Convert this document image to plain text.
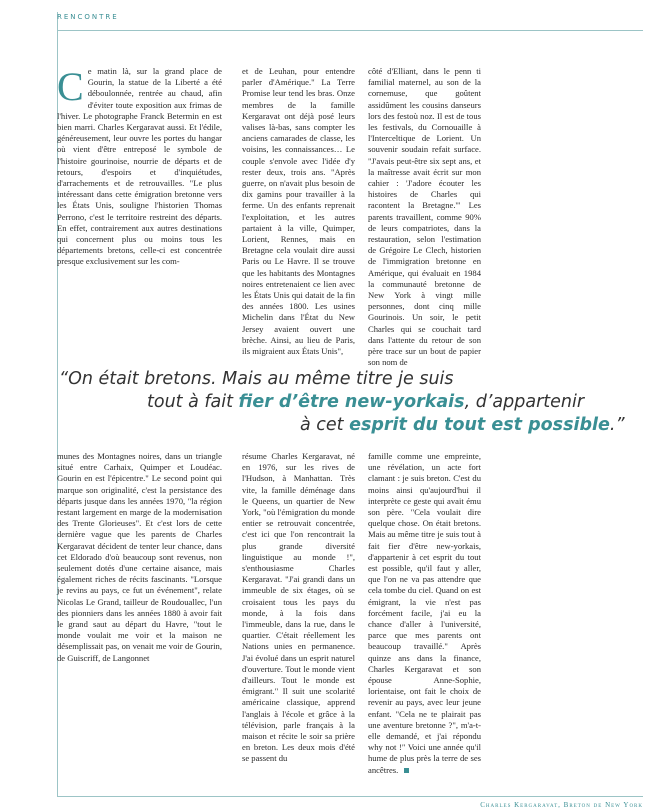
RENCONTRE
C e matin là, sur la grand place de Gourin, la statue de la Liberté a été déboulonnée, rentrée au chaud, afin d'éviter toute exposition aux frimas de l'hiver. Le photographe Franck Betermin en est bien marri. Charles Kergaravat aussi. Et l'édile, généreusement, leur ouvre les portes du hangar où vient d'être entreposé le symbole de l'histoire gourinoise, nourrie de départs et de retours, d'espoirs et d'inquiétudes, d'arrachements et de retrouvailles. "Le plus intéressant dans cette émigration bretonne vers les États Unis, souligne l'historien Thomas Perrono, c'est le territoire restreint des départs. En effet, contrairement aux autres destinations qui concernent plus ou moins tous les départements bretons, celle-ci est concentrée presque exclusivement sur les com-
et de Leuhan, pour entendre parler d'Amérique." La Terre Promise leur tend les bras. Onze membres de la famille Kergaravat ont déjà posé leurs valises là-bas, sans compter les anciens camarades de classe, les voisins, les connaissances… Le couple s'envole avec l'idée d'y rester deux, trois ans. "Après guerre, on n'avait plus besoin de dix gamins pour travailler à la ferme. Un des enfants reprenait l'exploitation, et les autres partaient à la ville, Quimper, Lorient, Rennes, mais en Bretagne cela voulait dire aussi Paris ou Le Havre. Il se trouve que les habitants des Montagnes noires entretenaient ce lien avec les États Unis qui datait de la fin des années 1800. Les usines Michelin dans l'État du New Jersey avaient ouvert une brèche. Ainsi, au lieu de Paris, ils migraient aux États Unis",
côté d'Elliant, dans le penn ti familial maternel, au son de la cornemuse, que goûtent assidûment les cousins danseurs lors des festoù noz. Il est de tous les festivals, du Cornouaille à l'Interceltique de Lorient. Un souvenir soudain refait surface. "J'avais peut-être six sept ans, et la maîtresse avait écrit sur mon cahier : 'J'adore écouter les histoires de Charles qui racontent la Bretagne.'" Les parents travaillent, comme 90% de leurs compatriotes, dans la restauration, selon l'estimation de Grégoire Le Clech, historien de l'immigration bretonne en Amérique, qui évaluait en 1984 la communauté bretonne de New York à vingt mille personnes, dont cinq mille Gourinois. Un soir, le petit Charles qui se couchait tard dans l'attente du retour de son père trace sur un bout de papier son nom de
“On était bretons. Mais au même titre je suis
tout à fait fier d’être new-yorkais, d’appartenir
à cet esprit du tout est possible.”
munes des Montagnes noires, dans un triangle situé entre Carhaix, Quimper et Loudéac. Gourin en est l'épicentre." Le second point qui marque son originalité, c'est la persistance des départs jusque dans les années 1970, "la région restant largement en marge de la modernisation des Trente Glorieuses". Et c'est lors de cette dernière vague que les parents de Charles Kergaravat décident de tenter leur chance, dans cet Eldorado d'où beaucoup sont revenus, non seulement dotés d'une certaine aisance, mais également riches de récits fascinants. "Lorsque je revins au pays, ce fut un événement", relate Nicolas Le Grand, tailleur de Roudouallec, l'un des pionniers dans les années 1880 à avoir fait le grand saut au départ du Havre, "tout le monde voulait me voir et la maison ne désemplissait pas, on venait me voir de Gourin, de Guiscriff, de Langonnet
résume Charles Kergaravat, né en 1976, sur les rives de l'Hudson, à Manhattan. Très vite, la famille déménage dans le Queens, un quartier de New York, "où l'émigration du monde entier se retrouvait concentrée, c'est ici que l'on rencontrait la plus grande diversité linguistique au monde !", s'enthousiasme Charles Kergaravat. "J'ai grandi dans un immeuble de six étages, où se croisaient tous les pays du monde, à la fois dans l'immeuble, dans la rue, dans le quartier. C'était réellement les Nations unies en permanence. J'ai évolué dans un esprit naturel d'ouverture. Tout le monde vient d'ailleurs. Tout le monde est émigrant." Il suit une scolarité américaine classique, apprend l'anglais à l'école et grâce à la télévision, parle français à la maison et récite le soir sa prière en breton. Les deux mois d'été se passent du
famille comme une empreinte, une révélation, un acte fort clamant : je suis breton. C'est du moins ainsi qu'aujourd'hui il interprète ce geste qui avait ému son père. "Cela voulait dire quelque chose. On était bretons. Mais au même titre je suis tout à fait fier d'être new-yorkais, d'appartenir à cet esprit du tout est possible, qu'il faut y aller, que l'on ne va pas attendre que cela tombe du ciel. Quand on est émigrant, la vie n'est pas forcément facile, j'ai eu la chance d'aller à l'université, parce que mes parents ont beaucoup travaillé." Après quinze ans dans la finance, Charles Kergaravat et son épouse Anne-Sophie, lorientaise, ont fait le choix de revenir au pays, avec leur jeune enfant. "Cela ne te plairait pas une aventure bretonne ?", m'a-t-elle demandé, et j'ai répondu why not !" Voici une année qu'il hume de plus près la terre de ses ancêtres.
Charles Kergaravat, Breton de New York
